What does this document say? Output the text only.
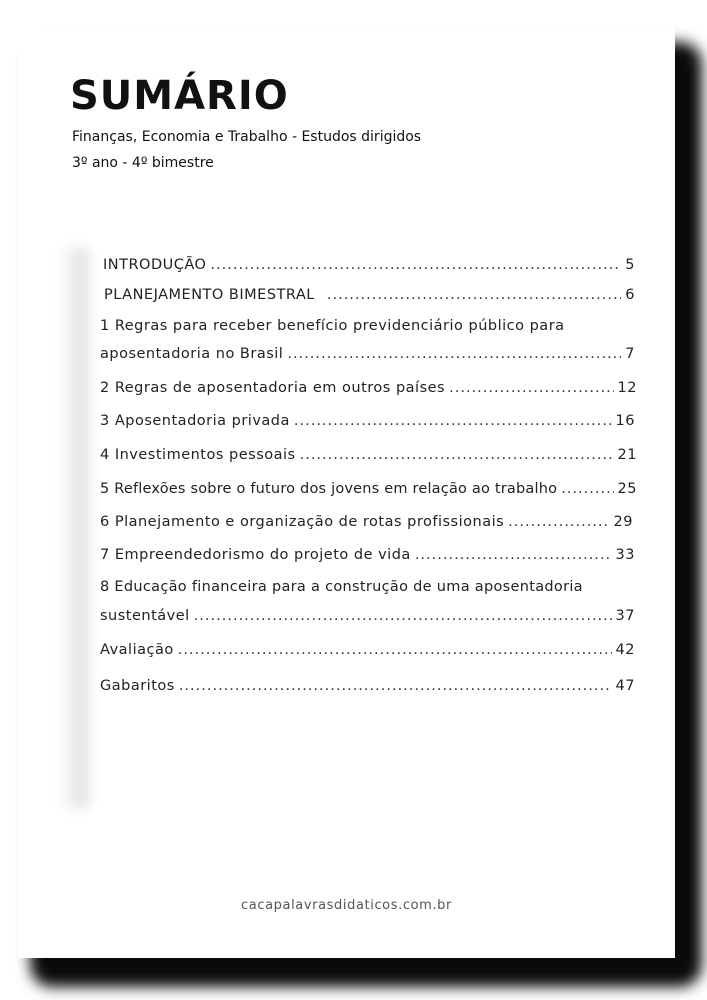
SUMÁRIO
Finanças, Economia e Trabalho - Estudos dirigidos
3º ano - 4º bimestre
INTRODUÇÃO .....	5
PLANEJAMENTO BIMESTRAL .....	6
1 Regras para receber benefício previdenciário público para
aposentadoria no Brasil .....	7
2 Regras de aposentadoria em outros países .....	12
3 Aposentadoria privada .....	16
4 Investimentos pessoais .....	21
5 Reflexões sobre o futuro dos jovens em relação ao trabalho .....	25
6 Planejamento e organização de rotas profissionais .....	29
7 Empreendedorismo do projeto de vida .....	33
8 Educação financeira para a construção de uma aposentadoria
sustentável .....	37
Avaliação .....	42
Gabaritos .....	47
cacapalavrasdidaticos.com.br
